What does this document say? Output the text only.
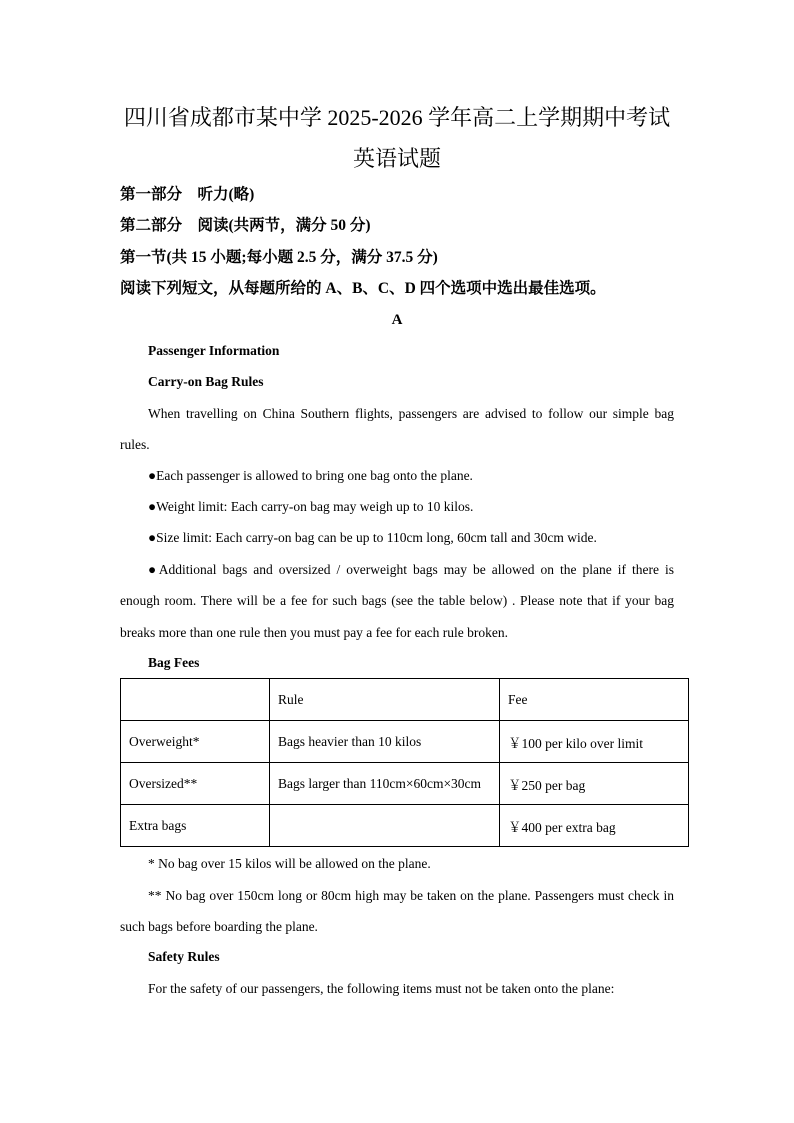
四川省成都市某中学 2025-2026 学年高二上学期期中考试
英语试题
第一部分　听力(略)
第二部分　阅读(共两节，满分 50 分)
第一节(共 15 小题;每小题 2.5 分，满分 37.5 分)
阅读下列短文，从每题所给的 A、B、C、D 四个选项中选出最佳选项。
A
Passenger Information
Carry-on Bag Rules
When travelling on China Southern flights, passengers are advised to follow our simple bag rules.
●Each passenger is allowed to bring one bag onto the plane.
●Weight limit: Each carry-on bag may weigh up to 10 kilos.
●Size limit: Each carry-on bag can be up to 110cm long, 60cm tall and 30cm wide.
●Additional bags and oversized / overweight bags may be allowed on the plane if there is enough room. There will be a fee for such bags (see the table below) . Please note that if your bag breaks more than one rule then you must pay a fee for each rule broken.
Bag Fees
	Rule	Fee
Overweight*	Bags heavier than 10 kilos	￥100 per kilo over limit
Oversized**	Bags larger than 110cm×60cm×30cm	￥250 per bag
Extra bags		￥400 per extra bag
* No bag over 15 kilos will be allowed on the plane.
** No bag over 150cm long or 80cm high may be taken on the plane. Passengers must check in such bags before boarding the plane.
Safety Rules
For the safety of our passengers, the following items must not be taken onto the plane:
